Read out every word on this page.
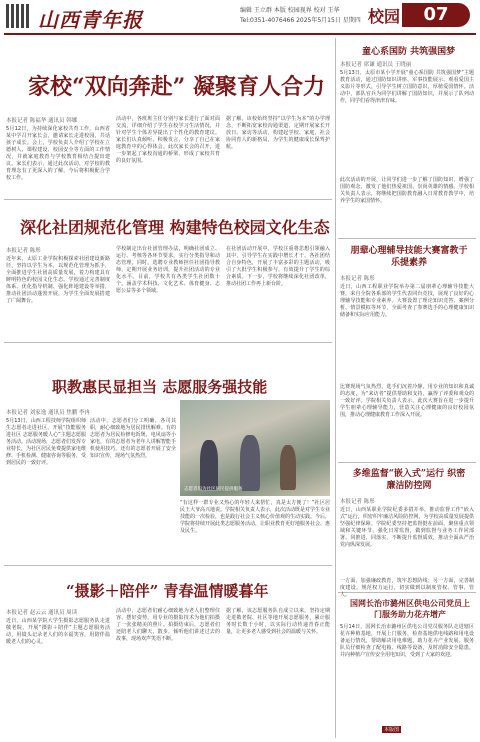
山西青年报	编辑 王立群 本版 校园视界 校对 王华
Tel:0351-4076466 2025年5月15日 星期四 校园	07
家校“双向奔赴” 凝聚育人合力
本报记者 陈福华 通讯员 韩娜
5月12日，为持续深化家校共育工作，山西省某中学召开家长会，邀请家长走进校园，共话孩子成长。会上，学校负责人介绍了学校在立德树人、课程建设、校园安全等方面的工作情况，并就家庭教育与学校教育相结合提出建议。家长们表示，通过此次活动，对学校的教育理念有了更深入的了解，今后将积极配合学校工作。
活动中，各班班主任分别与家长进行了面对面交流，详细介绍了学生在校学习生活情况，并针对学生个体差异提出了个性化的教育建议。家长们认真倾听、积极发言，分享了自己在家庭教育中的心得体会。此次家长会的召开，进一步架起了家校沟通的桥梁，形成了家校共育的良好氛围。
据了解，该校始终坚持“以学生为本”的办学理念，不断拓宽家校沟通渠道，定期开展家长开放日、家访等活动，构建起学校、家庭、社会协同育人的新格局，为学生的健康成长保驾护航。
深化社团规范化管理 构建特色校园文化生态
本报记者 陈彤
近年来，太原工业学院积极探索社团建设新路径，坚持以学生为本，以规范化管理为抓手，全面推进学生社团高质量发展，着力构建具有鲜明特色的校园文化生态。学校通过完善制度体系、优化指导机制、强化阵地建设等举措，推动社团活动蓬勃开展，为学生全面发展搭建了广阔舞台。
学校制定出台社团管理办法，明确社团成立、运行、考核等各环节要求，实行分类指导和动态管理。同时，选聘专业教师担任社团指导教师，定期开展业务培训，提升社团活动的专业化水平。目前，学校共有各类学生社团数十个，涵盖学术科技、文化艺术、体育健身、志愿公益等多个领域。
在社团活动开展中，学校注重将思想引领融入其中，引导学生在实践中增长才干。各社团结合自身特色，开展了丰富多彩的主题活动，吸引了大批学生积极参与，有效提升了学生的综合素质。下一步，学校将继续深化社团改革，推动社团工作再上新台阶。
职教惠民显担当 志愿服务强技能
本报记者 刘家逸 通讯员 焦鹏 李冉
5月13日，山西工程技师学院组织师生志愿者走进社区，开展“技能服务进社区 志愿服务暖人心”主题志愿服务活动。活动现场，志愿者们发挥专业特长，为社区居民免费提供家电维修、手机检测、健康咨询等服务，受到居民的一致好评。
活动中，志愿者们分工明确、各司其职，耐心细致地为居民排忧解难。有的志愿者为居民检修电饭煲、电风扇等小家电，有的志愿者为老年人讲解智能手机使用技巧，还有的志愿者开展了安全知识宣传，现场气氛热烈。
“有这样一群专业又热心的年轻人来帮忙，真是太方便了！”社区居民王大爷高兴地说。学院相关负责人表示，此次活动既是对学生专业技能的一次检验，也是践行社会主义核心价值观的生动实践。今后，学院将持续开展此类志愿服务活动，让职业教育更好地服务社会、惠及民生。
志愿者们为社区居民提供服务
“摄影＋陪伴” 青春温情暖暮年
本报记者 赵云云 通讯员 周读
近日，山西某学院大学生摄影志愿服务队走进敬老院，开展“摄影＋陪伴”主题志愿服务活动，用镜头记录老人们的幸福笑容，用陪伴温暖老人们的心灵。
活动中，志愿者们耐心细致地为老人们整理仪容、摆好姿势，用专业的摄影技术为他们拍摄了一张张精美的照片。拍摄结束后，志愿者们还陪老人们聊天、散步，倾听他们讲述过去的故事，现场欢声笑语不断。
据了解，该志愿服务队自成立以来，坚持定期走进敬老院、社区等地开展志愿服务，累计服务时长数千小时，以实际行动传递青春正能量，让更多老人感受到社会的温暖与关怀。
童心系国防 共筑强国梦
本报记者 席谦 通讯员 王晓丽
5月13日，太原市某小学开展“童心系国防 共筑强国梦”主题教育活动，通过国防知识讲座、军事技能展示、观看爱国主义影片等形式，引导学生树立国防意识，厚植爱国情怀。活动中，部队官兵为同学们讲解了国防知识，并展示了队列动作，同学们看得津津有味。
此次活动的开展，让同学们进一步了解了国防知识，增强了国防观念，激发了他们热爱祖国、崇尚英雄的情感。学校相关负责人表示，将继续把国防教育融入日常教育教学中，培养学生的家国情怀。
朋辈心理辅导技能大赛富教于乐提素养
本报记者 陈彤
近日，山西工程职业学院举办第二届朋辈心理辅导技能大赛，来自全院各系部的学生代表同台竞技，展现了良好的心理辅导技能和专业素养。大赛设置了理论知识竞答、案例分析、情景模拟等环节，全面考查了参赛选手的心理健康知识储备和实际应用能力。
比赛现场气氛热烈，选手们沉着冷静，用专业的知识和真诚的态度，为“来访者”提供帮助和支持，赢得了评委和观众的一致好评。学院相关负责人表示，此次大赛旨在进一步提升学生朋辈心理辅导能力，营造关注心理健康的良好校园氛围，推动心理健康教育工作深入开展。
多维监督“嵌入式”运行 织密廉洁防控网
本报记者 陈彤
近日，山西某职业学院纪委多措并举，推动监督工作“嵌入式”运行，织密织牢廉洁风险防控网，为学校高质量发展提供坚强纪律保障。学院纪委坚持把监督挺在前面，聚焦重点领域和关键环节，强化日常监督，做到监督与业务工作同部署、同推进、同落实，不断提升监督质效，推动全面从严治党向纵深发展。
一方面，加强廉政教育，筑牢思想防线；另一方面，完善制度建设，规范权力运行，切实做到以制度管权、管事、管人。
国网长治市潞州区供电公司党员上门服务助力花卉增产
5月14日，国网长治市潞州区供电公司党员服务队走进辖区花卉种植基地，开展上门服务，检查基地供电线路和用电设备运行情况，帮助解决用电难题，助力花卉产业发展。服务队员仔细检查了配电箱、线路等设备，及时消除安全隐患，并向种植户宣传安全用电知识，受到了大家的欢迎。
本版图
